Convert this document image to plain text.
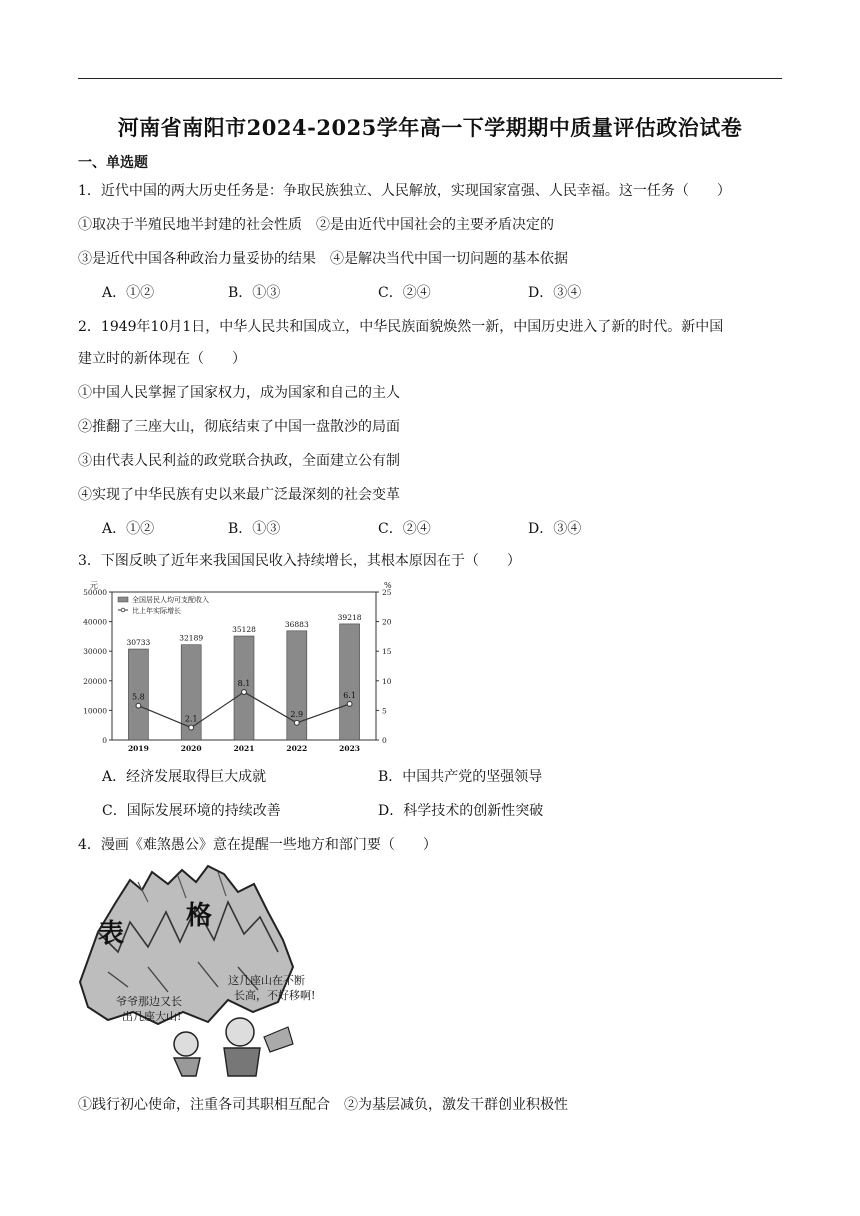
河南省南阳市2024-2025学年高一下学期期中质量评估政治试卷
一、单选题
1．近代中国的两大历史任务是：争取民族独立、人民解放，实现国家富强、人民幸福。这一任务（　　）
①取决于半殖民地半封建的社会性质　②是由近代中国社会的主要矛盾决定的
③是近代中国各种政治力量妥协的结果　④是解决当代中国一切问题的基本依据
A．①②	B．①③	C．②④	D．③④
2．1949年10月1日，中华人民共和国成立，中华民族面貌焕然一新，中国历史进入了新的时代。新中国
建立时的新体现在（　　）
①中国人民掌握了国家权力，成为国家和自己的主人
②推翻了三座大山，彻底结束了中国一盘散沙的局面
③由代表人民利益的政党联合执政，全面建立公有制
④实现了中华民族有史以来最广泛最深刻的社会变革
A．①②	B．①③	C．②④	D．③④
3．下图反映了近年来我国国民收入持续增长，其根本原因在于（　　）
元	%
0
10000
20000
30000
40000
50000
0
5
10
15
20
25
30733
2019
32189
2020
35128
2021
36883
2022
39218
2023
5.8
2.1
8.1
2.9
6.1
全国居民人均可支配收入
比上年实际增长
A．经济发展取得巨大成就	B．中国共产党的坚强领导
C．国际发展环境的持续改善	D．科学技术的创新性突破
4．漫画《难煞愚公》意在提醒一些地方和部门要（　　）
表
格
爷爷那边又长
出几座大山!
这几座山在不断
长高，不好移啊!
①践行初心使命，注重各司其职相互配合　②为基层减负，激发干群创业积极性
